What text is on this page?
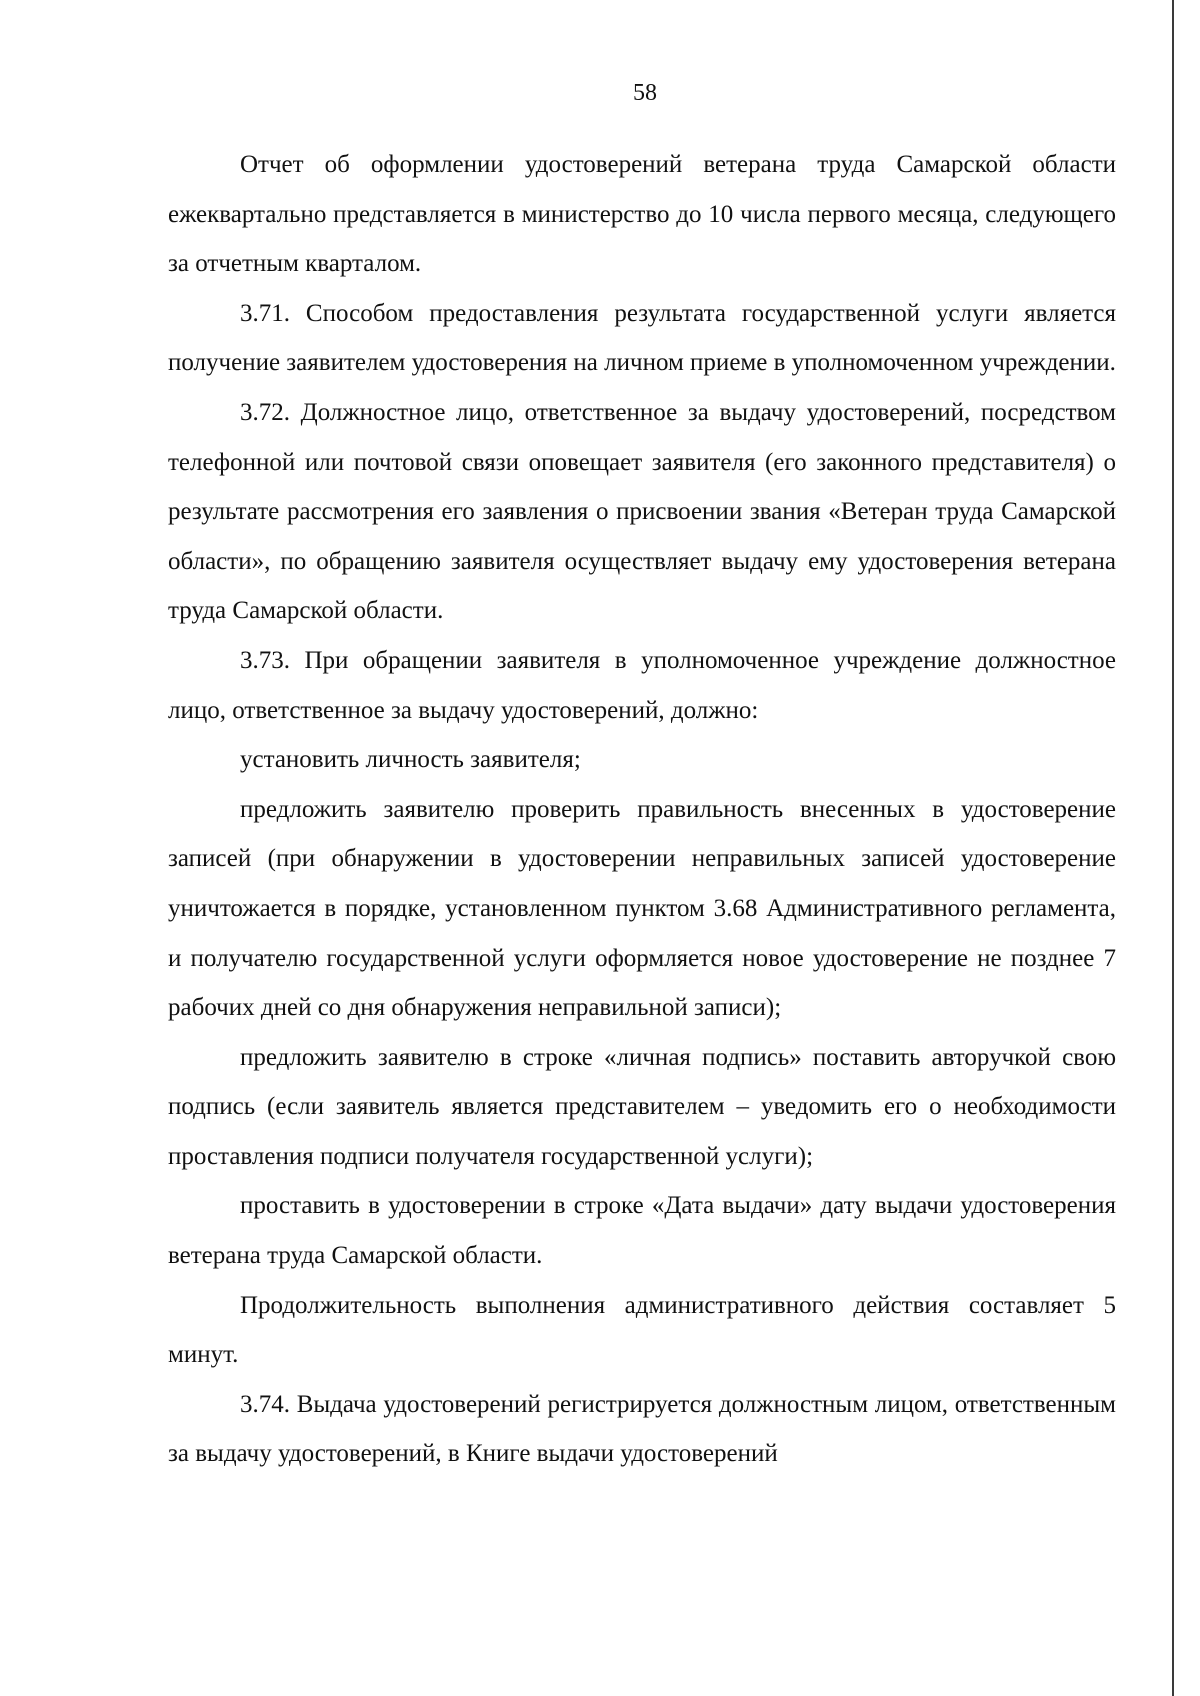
58

Отчет об оформлении удостоверений ветерана труда Самарской области ежеквартально представляется в министерство до 10 числа первого месяца, следующего за отчетным кварталом.

3.71. Способом предоставления результата государственной услуги является получение заявителем удостоверения на личном приеме в уполномоченном учреждении.

3.72. Должностное лицо, ответственное за выдачу удостоверений, посредством телефонной или почтовой связи оповещает заявителя (его законного представителя) о результате рассмотрения его заявления о присвоении звания «Ветеран труда Самарской области», по обращению заявителя осуществляет выдачу ему удостоверения ветерана труда Самарской области.

3.73. При обращении заявителя в уполномоченное учреждение должностное лицо, ответственное за выдачу удостоверений, должно:

установить личность заявителя;

предложить заявителю проверить правильность внесенных в удостоверение записей (при обнаружении в удостоверении неправильных записей удостоверение уничтожается в порядке, установленном пунктом 3.68 Административного регламента, и получателю государственной услуги оформляется новое удостоверение не позднее 7 рабочих дней со дня обнаружения неправильной записи);

предложить заявителю в строке «личная подпись» поставить авторучкой свою подпись (если заявитель является представителем – уведомить его о необходимости проставления подписи получателя государственной услуги);

проставить в удостоверении в строке «Дата выдачи» дату выдачи удостоверения ветерана труда Самарской области.

Продолжительность выполнения административного действия составляет 5 минут.

3.74. Выдача удостоверений регистрируется должностным лицом, ответственным за выдачу удостоверений, в Книге выдачи удостоверений
